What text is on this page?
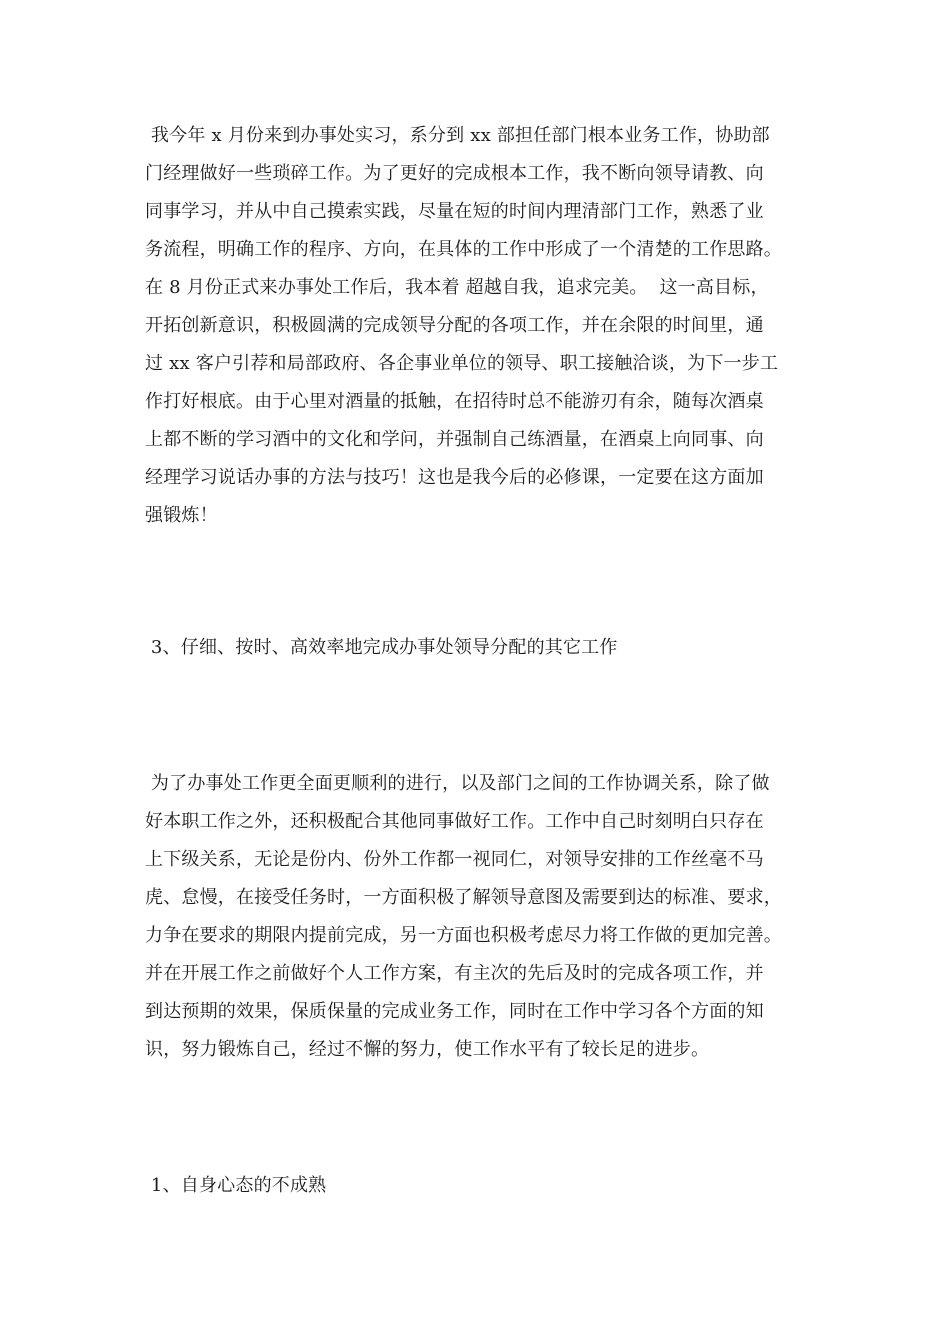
我今年 x 月份来到办事处实习，系分到 xx 部担任部门根本业务工作，协助部
门经理做好一些琐碎工作。为了更好的完成根本工作，我不断向领导请教、向
同事学习，并从中自己摸索实践，尽量在短的时间内理清部门工作，熟悉了业
务流程，明确工作的程序、方向，在具体的工作中形成了一个清楚的工作思路。
在 8 月份正式来办事处工作后，我本着 超越自我，追求完美。  这一高目标，
开拓创新意识，积极圆满的完成领导分配的各项工作，并在余限的时间里，通
过 xx 客户引荐和局部政府、各企事业单位的领导、职工接触洽谈，为下一步工
作打好根底。由于心里对酒量的抵触，在招待时总不能游刃有余，随每次酒桌
上都不断的学习酒中的文化和学问，并强制自己练酒量，在酒桌上向同事、向
经理学习说话办事的方法与技巧！这也是我今后的必修课，一定要在这方面加
强锻炼！
3、仔细、按时、高效率地完成办事处领导分配的其它工作
为了办事处工作更全面更顺利的进行，以及部门之间的工作协调关系，除了做
好本职工作之外，还积极配合其他同事做好工作。工作中自己时刻明白只存在
上下级关系，无论是份内、份外工作都一视同仁，对领导安排的工作丝毫不马
虎、怠慢，在接受任务时，一方面积极了解领导意图及需要到达的标准、要求，
力争在要求的期限内提前完成，另一方面也积极考虑尽力将工作做的更加完善。
并在开展工作之前做好个人工作方案，有主次的先后及时的完成各项工作，并
到达预期的效果，保质保量的完成业务工作，同时在工作中学习各个方面的知
识，努力锻炼自己，经过不懈的努力，使工作水平有了较长足的进步。
1、自身心态的不成熟
